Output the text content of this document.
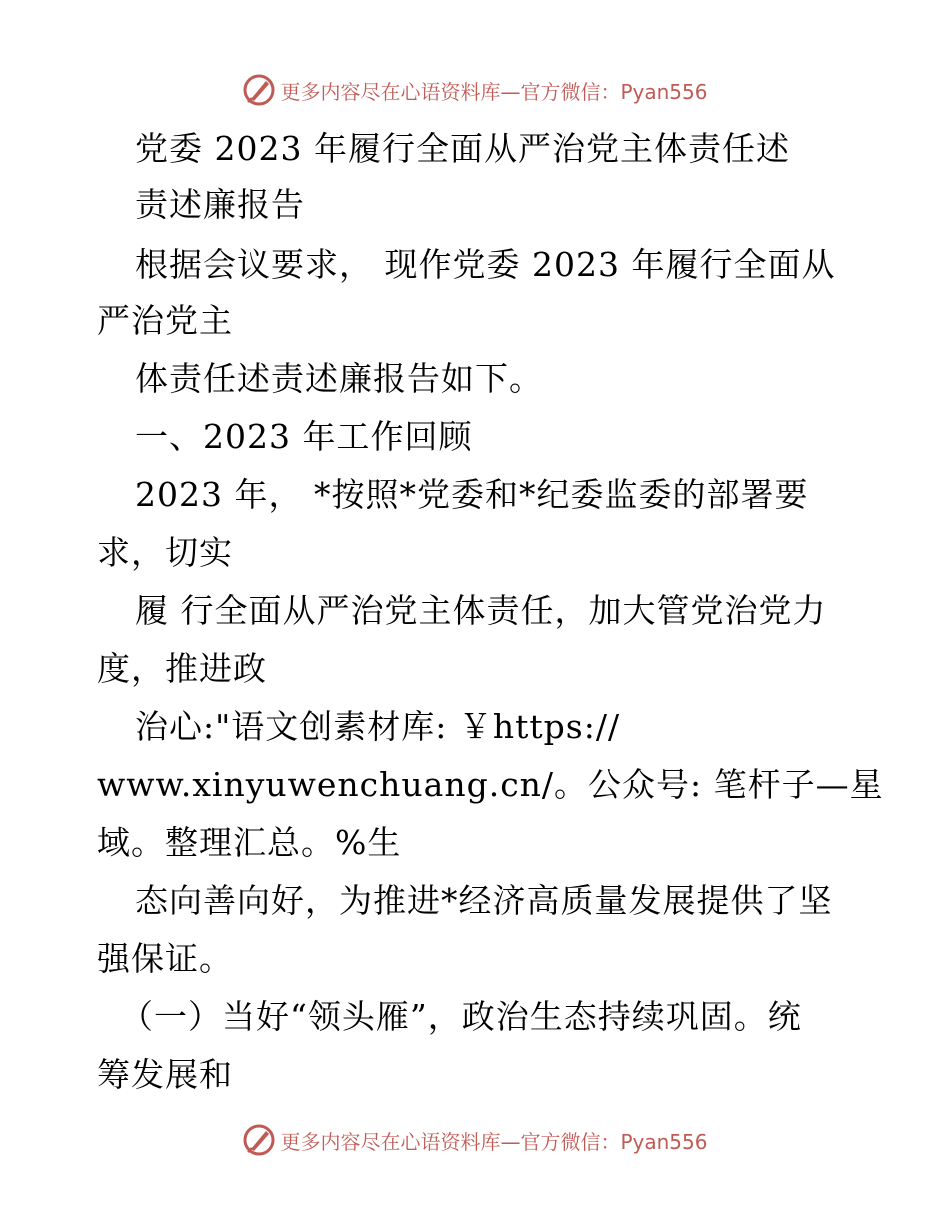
更多内容尽在心语资料库—官方微信：Pyan556
党委 2023 年履行全面从严治党主体责任述
责述廉报告
根据会议要求， 现作党委 2023 年履行全面从
严治党主
体责任述责述廉报告如下。
一、2023 年工作回顾
2023 年， *按照*党委和*纪委监委的部署要
求，切实
履 行全面从严治党主体责任，加大管党治党力
度，推进政
治心:"语文创素材库: ￥https://
www.xinyuwenchuang.cn/。公众号: 笔杆子—星
域。整理汇总。%生
态向善向好，为推进*经济高质量发展提供了坚
强保证。
（一）当好“领头雁”，政治生态持续巩固。统
筹发展和
更多内容尽在心语资料库—官方微信：Pyan556
